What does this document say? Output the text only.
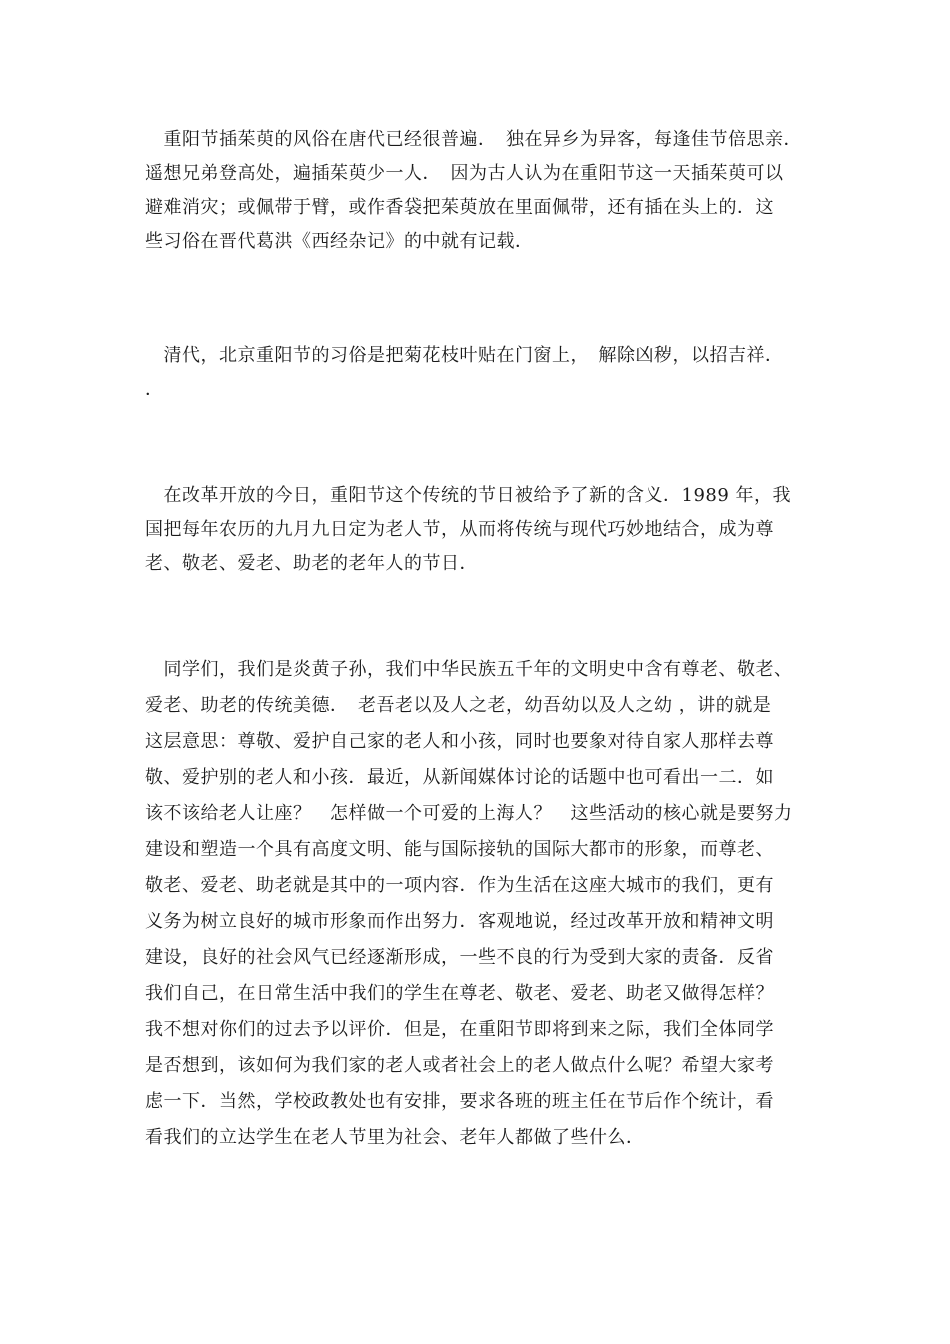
　重阳节插茱萸的风俗在唐代已经很普遍．　独在异乡为异客，每逢佳节倍思亲．
遥想兄弟登高处，遍插茱萸少一人．　因为古人认为在重阳节这一天插茱萸可以
避难消灾；或佩带于臂，或作香袋把茱萸放在里面佩带，还有插在头上的．这
些习俗在晋代葛洪《西经杂记》的中就有记载．
　清代，北京重阳节的习俗是把菊花枝叶贴在门窗上，　解除凶秽，以招吉祥．
．
　在改革开放的今日，重阳节这个传统的节日被给予了新的含义．1989 年，我
国把每年农历的九月九日定为老人节，从而将传统与现代巧妙地结合，成为尊
老、敬老、爱老、助老的老年人的节日．
　同学们，我们是炎黄子孙，我们中华民族五千年的文明史中含有尊老、敬老、
爱老、助老的传统美德．　老吾老以及人之老，幼吾幼以及人之幼 ，讲的就是
这层意思：尊敬、爱护自己家的老人和小孩，同时也要象对待自家人那样去尊
敬、爱护别的老人和小孩．最近，从新闻媒体讨论的话题中也可看出一二．如
该不该给老人让座？　怎样做一个可爱的上海人？　这些活动的核心就是要努力
建设和塑造一个具有高度文明、能与国际接轨的国际大都市的形象，而尊老、
敬老、爱老、助老就是其中的一项内容．作为生活在这座大城市的我们，更有
义务为树立良好的城市形象而作出努力．客观地说，经过改革开放和精神文明
建设，良好的社会风气已经逐渐形成，一些不良的行为受到大家的责备．反省
我们自己，在日常生活中我们的学生在尊老、敬老、爱老、助老又做得怎样？
我不想对你们的过去予以评价．但是，在重阳节即将到来之际，我们全体同学
是否想到，该如何为我们家的老人或者社会上的老人做点什么呢？希望大家考
虑一下．当然，学校政教处也有安排，要求各班的班主任在节后作个统计，看
看我们的立达学生在老人节里为社会、老年人都做了些什么．
